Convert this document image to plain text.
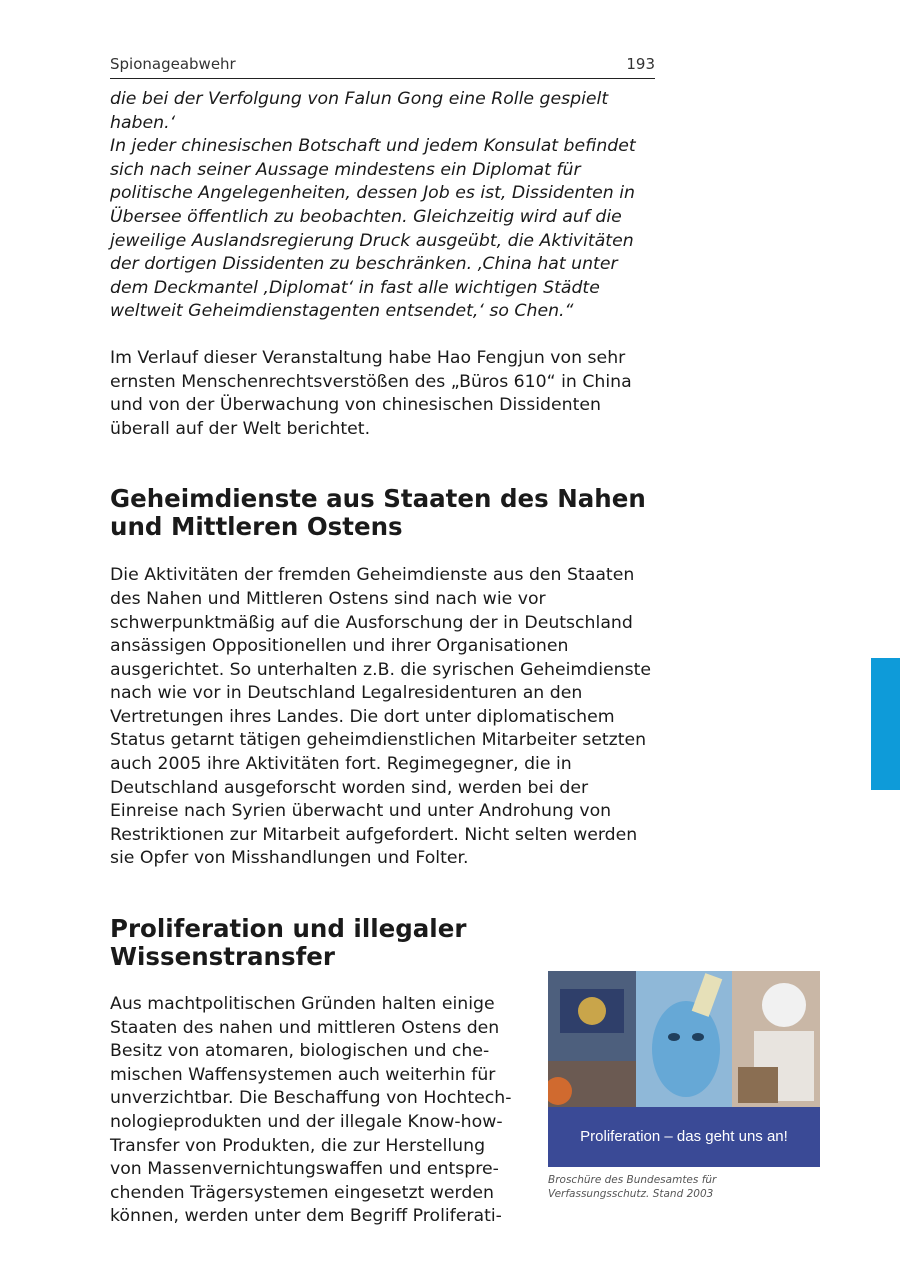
Spionageabwehr	193

die bei der Verfolgung von Falun Gong eine Rolle gespielt haben.‘

In jeder chinesischen Botschaft und jedem Konsulat befindet sich nach seiner Aussage mindestens ein Diplomat für politische Angelegenheiten, dessen Job es ist, Dissidenten in Übersee öffentlich zu beobachten. Gleichzeitig wird auf die jeweilige Auslandsregierung Druck ausgeübt, die Aktivitäten der dortigen Dissidenten zu beschränken. ‚China hat unter dem Deckmantel ‚Diplomat‘ in fast alle wichtigen Städte weltweit Geheimdienstagenten entsendet,‘ so Chen.“

Im Verlauf dieser Veranstaltung habe Hao Fengjun von sehr ernsten Menschenrechtsverstößen des „Büros 610“ in China und von der Überwachung von chinesischen Dissidenten überall auf der Welt berichtet.

Geheimdienste aus Staaten des Nahen
und Mittleren Ostens

Die Aktivitäten der fremden Geheimdienste aus den Staaten des Nahen und Mittleren Ostens sind nach wie vor schwerpunktmäßig auf die Ausforschung der in Deutschland ansässigen Oppositionellen und ihrer Organisationen ausgerichtet. So unterhalten z.B. die syrischen Geheimdienste nach wie vor in Deutschland Legalresidenturen an den Vertretungen ihres Landes. Die dort unter diplomatischem Status getarnt tätigen geheimdienstlichen Mitarbeiter setzten auch 2005 ihre Aktivitäten fort. Regimegegner, die in Deutschland ausgeforscht worden sind, werden bei der Einreise nach Syrien überwacht und unter Androhung von Restriktionen zur Mitarbeit aufgefordert. Nicht selten werden sie Opfer von Misshandlungen und Folter.

Proliferation und illegaler Wissenstransfer
Aus machtpolitischen Gründen halten einige
Staaten des nahen und mittleren Ostens den
Besitz von atomaren, biologischen und che-
mischen Waffensystemen auch weiterhin für
unverzichtbar. Die Beschaffung von Hochtech-
nologieprodukten und der illegale Know-how-
Transfer von Produkten, die zur Herstellung
von Massenvernichtungswaffen und entspre-
chenden Trägersystemen eingesetzt werden
können, werden unter dem Begriff Proliferati-
Proliferation – das geht uns an!
Broschüre des Bundesamtes für Verfassungsschutz. Stand 2003
